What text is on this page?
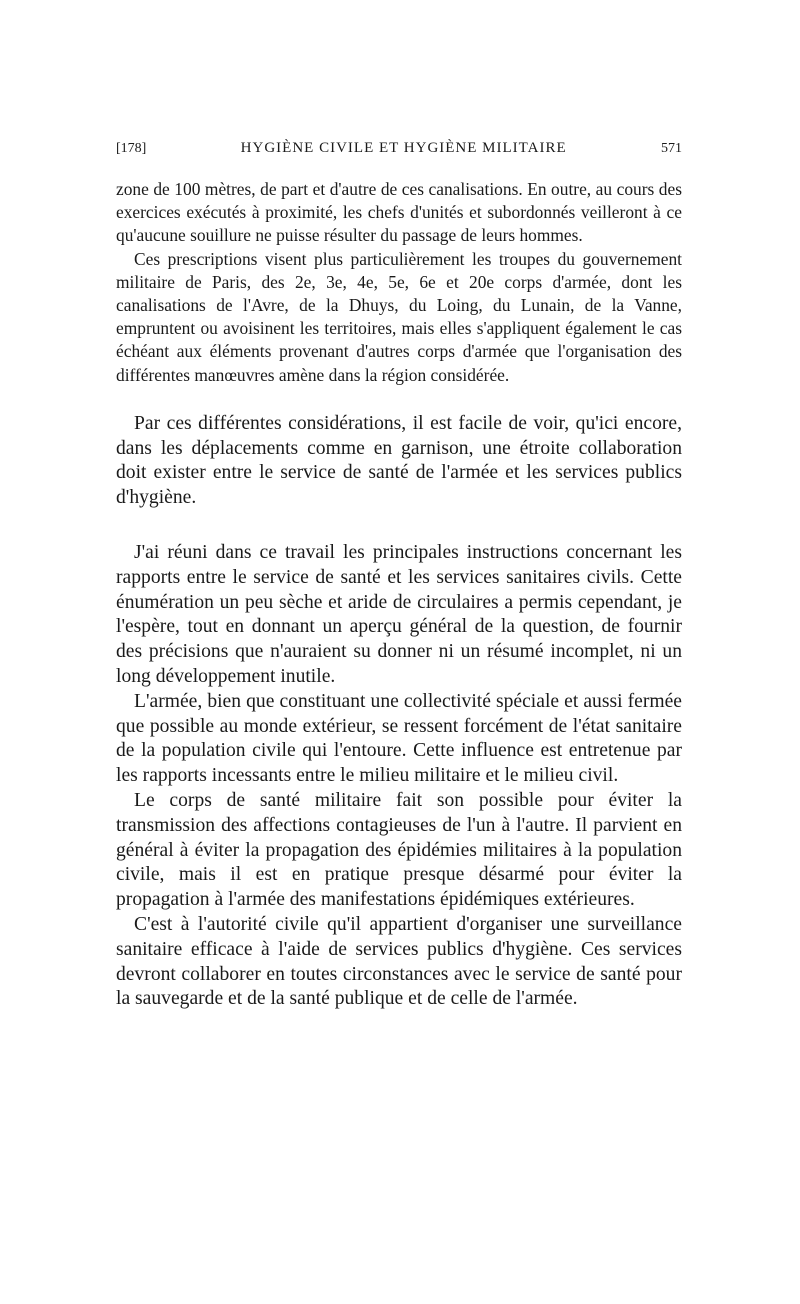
[178]	HYGIÈNE CIVILE ET HYGIÈNE MILITAIRE	571

zone de 100 mètres, de part et d'autre de ces canalisations. En outre, au cours des exercices exécutés à proximité, les chefs d'unités et subordonnés veilleront à ce qu'aucune souillure ne puisse résulter du passage de leurs hommes.

Ces prescriptions visent plus particulièrement les troupes du gouvernement militaire de Paris, des 2e, 3e, 4e, 5e, 6e et 20e corps d'armée, dont les canalisations de l'Avre, de la Dhuys, du Loing, du Lunain, de la Vanne, empruntent ou avoisinent les territoires, mais elles s'appliquent également le cas échéant aux éléments provenant d'autres corps d'armée que l'organisation des différentes manœuvres amène dans la région considérée.

Par ces différentes considérations, il est facile de voir, qu'ici encore, dans les déplacements comme en garnison, une étroite collaboration doit exister entre le service de santé de l'armée et les services publics d'hygiène.

J'ai réuni dans ce travail les principales instructions concernant les rapports entre le service de santé et les services sanitaires civils. Cette énumération un peu sèche et aride de circulaires a permis cependant, je l'espère, tout en donnant un aperçu général de la question, de fournir des précisions que n'auraient su donner ni un résumé incomplet, ni un long développement inutile.

L'armée, bien que constituant une collectivité spéciale et aussi fermée que possible au monde extérieur, se ressent forcément de l'état sanitaire de la population civile qui l'entoure. Cette influence est entretenue par les rapports incessants entre le milieu militaire et le milieu civil.

Le corps de santé militaire fait son possible pour éviter la transmission des affections contagieuses de l'un à l'autre. Il parvient en général à éviter la propagation des épidémies militaires à la population civile, mais il est en pratique presque désarmé pour éviter la propagation à l'armée des manifestations épidémiques extérieures.

C'est à l'autorité civile qu'il appartient d'organiser une surveillance sanitaire efficace à l'aide de services publics d'hygiène. Ces services devront collaborer en toutes circonstances avec le service de santé pour la sauvegarde et de la santé publique et de celle de l'armée.
